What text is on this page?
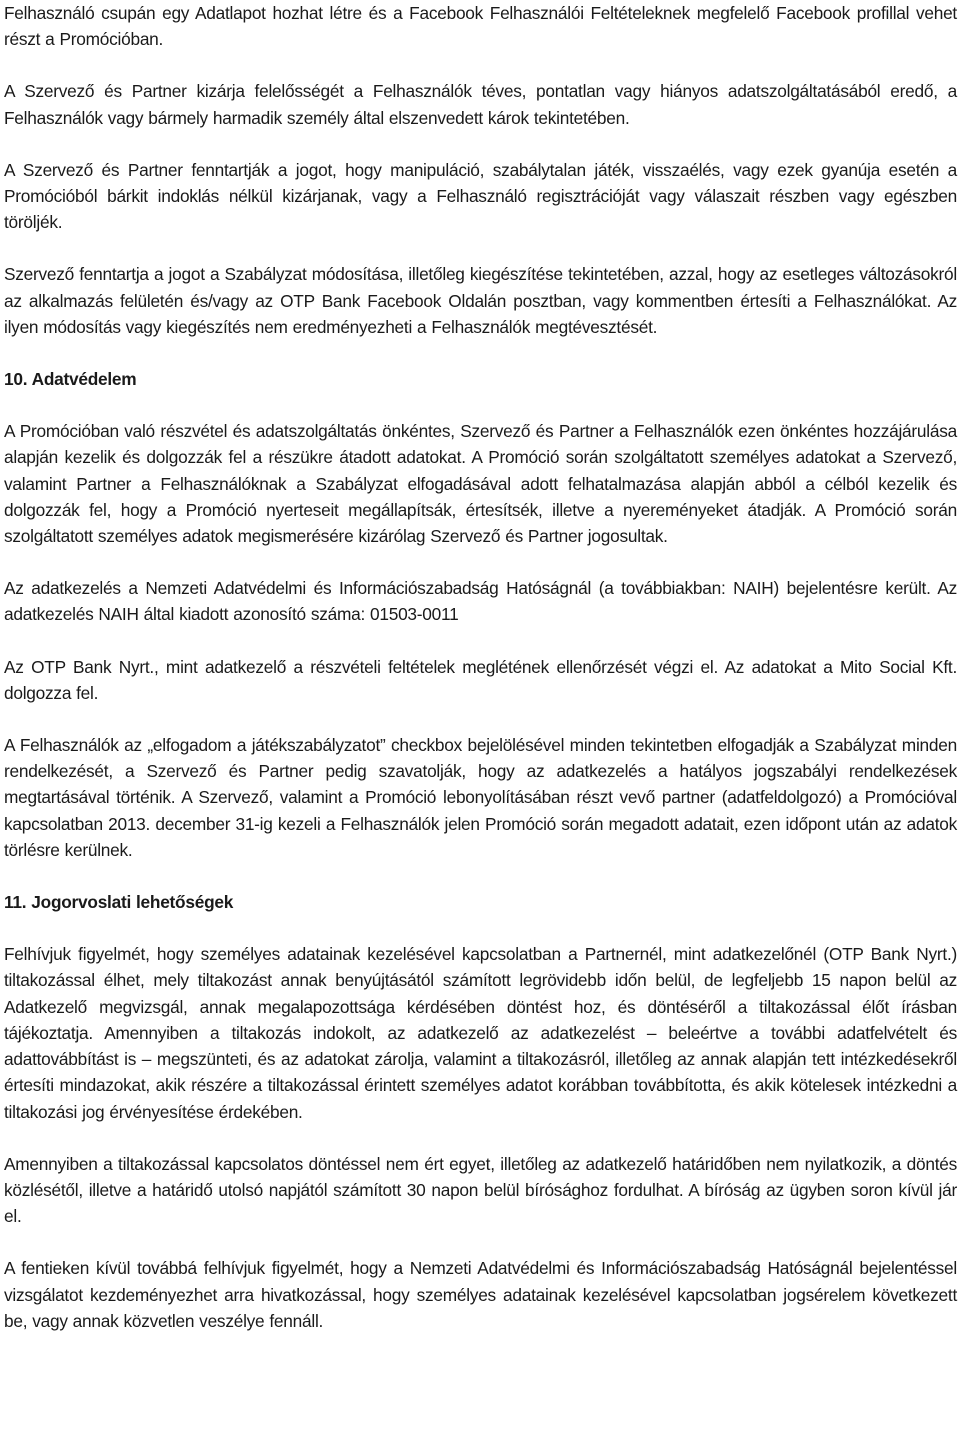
Felhasználó csupán egy Adatlapot hozhat létre és a Facebook Felhasználói Feltételeknek megfelelő Facebook profillal vehet részt a Promócióban.

A Szervező és Partner kizárja felelősségét a Felhasználók téves, pontatlan vagy hiányos adatszolgáltatásából eredő, a Felhasználók vagy bármely harmadik személy által elszenvedett károk tekintetében.

A Szervező és Partner fenntartják a jogot, hogy manipuláció, szabálytalan játék, visszaélés, vagy ezek gyanúja esetén a Promócióból bárkit indoklás nélkül kizárjanak, vagy a Felhasználó regisztrációját vagy válaszait részben vagy egészben töröljék.

Szervező fenntartja a jogot a Szabályzat módosítása, illetőleg kiegészítése tekintetében, azzal, hogy az esetleges változásokról az alkalmazás felületén és/vagy az OTP Bank Facebook Oldalán posztban, vagy kommentben értesíti a Felhasználókat. Az ilyen módosítás vagy kiegészítés nem eredményezheti a Felhasználók megtévesztését.

10. Adatvédelem

A Promócióban való részvétel és adatszolgáltatás önkéntes, Szervező és Partner a Felhasználók ezen önkéntes hozzájárulása alapján kezelik és dolgozzák fel a részükre átadott adatokat. A Promóció során szolgáltatott személyes adatokat a Szervező, valamint Partner a Felhasználóknak a Szabályzat elfogadásával adott felhatalmazása alapján abból a célból kezelik és dolgozzák fel, hogy a Promóció nyerteseit megállapítsák, értesítsék, illetve a nyereményeket átadják. A Promóció során szolgáltatott személyes adatok megismerésére kizárólag Szervező és Partner jogosultak.

Az adatkezelés a Nemzeti Adatvédelmi és Információszabadság Hatóságnál (a továbbiakban: NAIH) bejelentésre került. Az adatkezelés NAIH által kiadott azonosító száma: 01503-0011

Az OTP Bank Nyrt., mint adatkezelő a részvételi feltételek meglétének ellenőrzését végzi el. Az adatokat a Mito Social Kft. dolgozza fel.

A Felhasználók az „elfogadom a játékszabályzatot” checkbox bejelölésével minden tekintetben elfogadják a Szabályzat minden rendelkezését, a Szervező és Partner pedig szavatolják, hogy az adatkezelés a hatályos jogszabályi rendelkezések megtartásával történik. A Szervező, valamint a Promóció lebonyolításában részt vevő partner (adatfeldolgozó) a Promócióval kapcsolatban 2013. december 31-ig kezeli a Felhasználók jelen Promóció során megadott adatait, ezen időpont után az adatok törlésre kerülnek.

11. Jogorvoslati lehetőségek

Felhívjuk figyelmét, hogy személyes adatainak kezelésével kapcsolatban a Partnernél, mint adatkezelőnél (OTP Bank Nyrt.) tiltakozással élhet, mely tiltakozást annak benyújtásától számított legrövidebb időn belül, de legfeljebb 15 napon belül az Adatkezelő megvizsgál, annak megalapozottsága kérdésében döntést hoz, és döntéséről a tiltakozással élőt írásban tájékoztatja. Amennyiben a tiltakozás indokolt, az adatkezelő az adatkezelést – beleértve a további adatfelvételt és adattovábbítást is – megszünteti, és az adatokat zárolja, valamint a tiltakozásról, illetőleg az annak alapján tett intézkedésekről értesíti mindazokat, akik részére a tiltakozással érintett személyes adatot korábban továbbította, és akik kötelesek intézkedni a tiltakozási jog érvényesítése érdekében.

Amennyiben a tiltakozással kapcsolatos döntéssel nem ért egyet, illetőleg az adatkezelő határidőben nem nyilatkozik, a döntés közlésétől, illetve a határidő utolsó napjától számított 30 napon belül bírósághoz fordulhat. A bíróság az ügyben soron kívül jár el.

A fentieken kívül továbbá felhívjuk figyelmét, hogy a Nemzeti Adatvédelmi és Információszabadság Hatóságnál bejelentéssel vizsgálatot kezdeményezhet arra hivatkozással, hogy személyes adatainak kezelésével kapcsolatban jogsérelem következett be, vagy annak közvetlen veszélye fennáll.
